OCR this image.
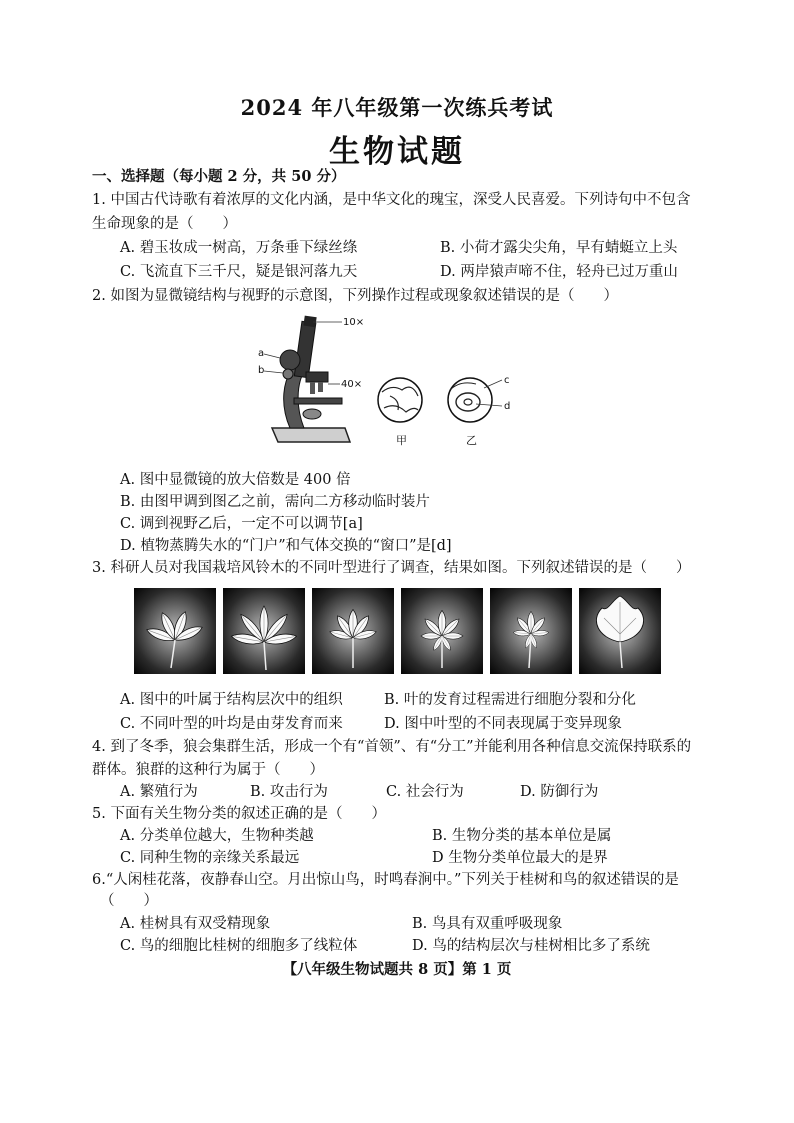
2024 年八年级第一次练兵考试
生物试题
一、选择题（每小题 2 分，共 50 分）
1. 中国古代诗歌有着浓厚的文化内涵，是中华文化的瑰宝，深受人民喜爱。下列诗句中不包含
生命现象的是（　　）
A. 碧玉妆成一树高，万条垂下绿丝绦	B. 小荷才露尖尖角，早有蜻蜓立上头
C. 飞流直下三千尺，疑是银河落九天	D. 两岸猿声啼不住，轻舟已过万重山
2. 如图为显微镜结构与视野的示意图，下列操作过程或现象叙述错误的是（　　）
10×
a
b
40×
甲
c
d
乙
A. 图中显微镜的放大倍数是 400 倍
B. 由图甲调到图乙之前，需向二方移动临时装片
C. 调到视野乙后，一定不可以调节[a]
D. 植物蒸腾失水的“门户”和气体交换的“窗口”是[d]
3. 科研人员对我国栽培风铃木的不同叶型进行了调查，结果如图。下列叙述错误的是（　　）
A. 图中的叶属于结构层次中的组织	B. 叶的发育过程需进行细胞分裂和分化
C. 不同叶型的叶均是由芽发育而来	D. 图中叶型的不同表现属于变异现象
4. 到了冬季，狼会集群生活，形成一个有“首领”、有“分工”并能利用各种信息交流保持联系的
群体。狼群的这种行为属于（　　）
A. 繁殖行为	B. 攻击行为	C. 社会行为	D. 防御行为
5. 下面有关生物分类的叙述正确的是（　　）
A. 分类单位越大，生物种类越	B. 生物分类的基本单位是属
C. 同种生物的亲缘关系最远	D 生物分类单位最大的是界
6.“人闲桂花落，夜静春山空。月出惊山鸟，时鸣春涧中。”下列关于桂树和鸟的叙述错误的是
（　　）
A. 桂树具有双受精现象	B. 鸟具有双重呼吸现象
C. 鸟的细胞比桂树的细胞多了线粒体	D. 鸟的结构层次与桂树相比多了系统
【八年级生物试题共 8 页】第 1 页
